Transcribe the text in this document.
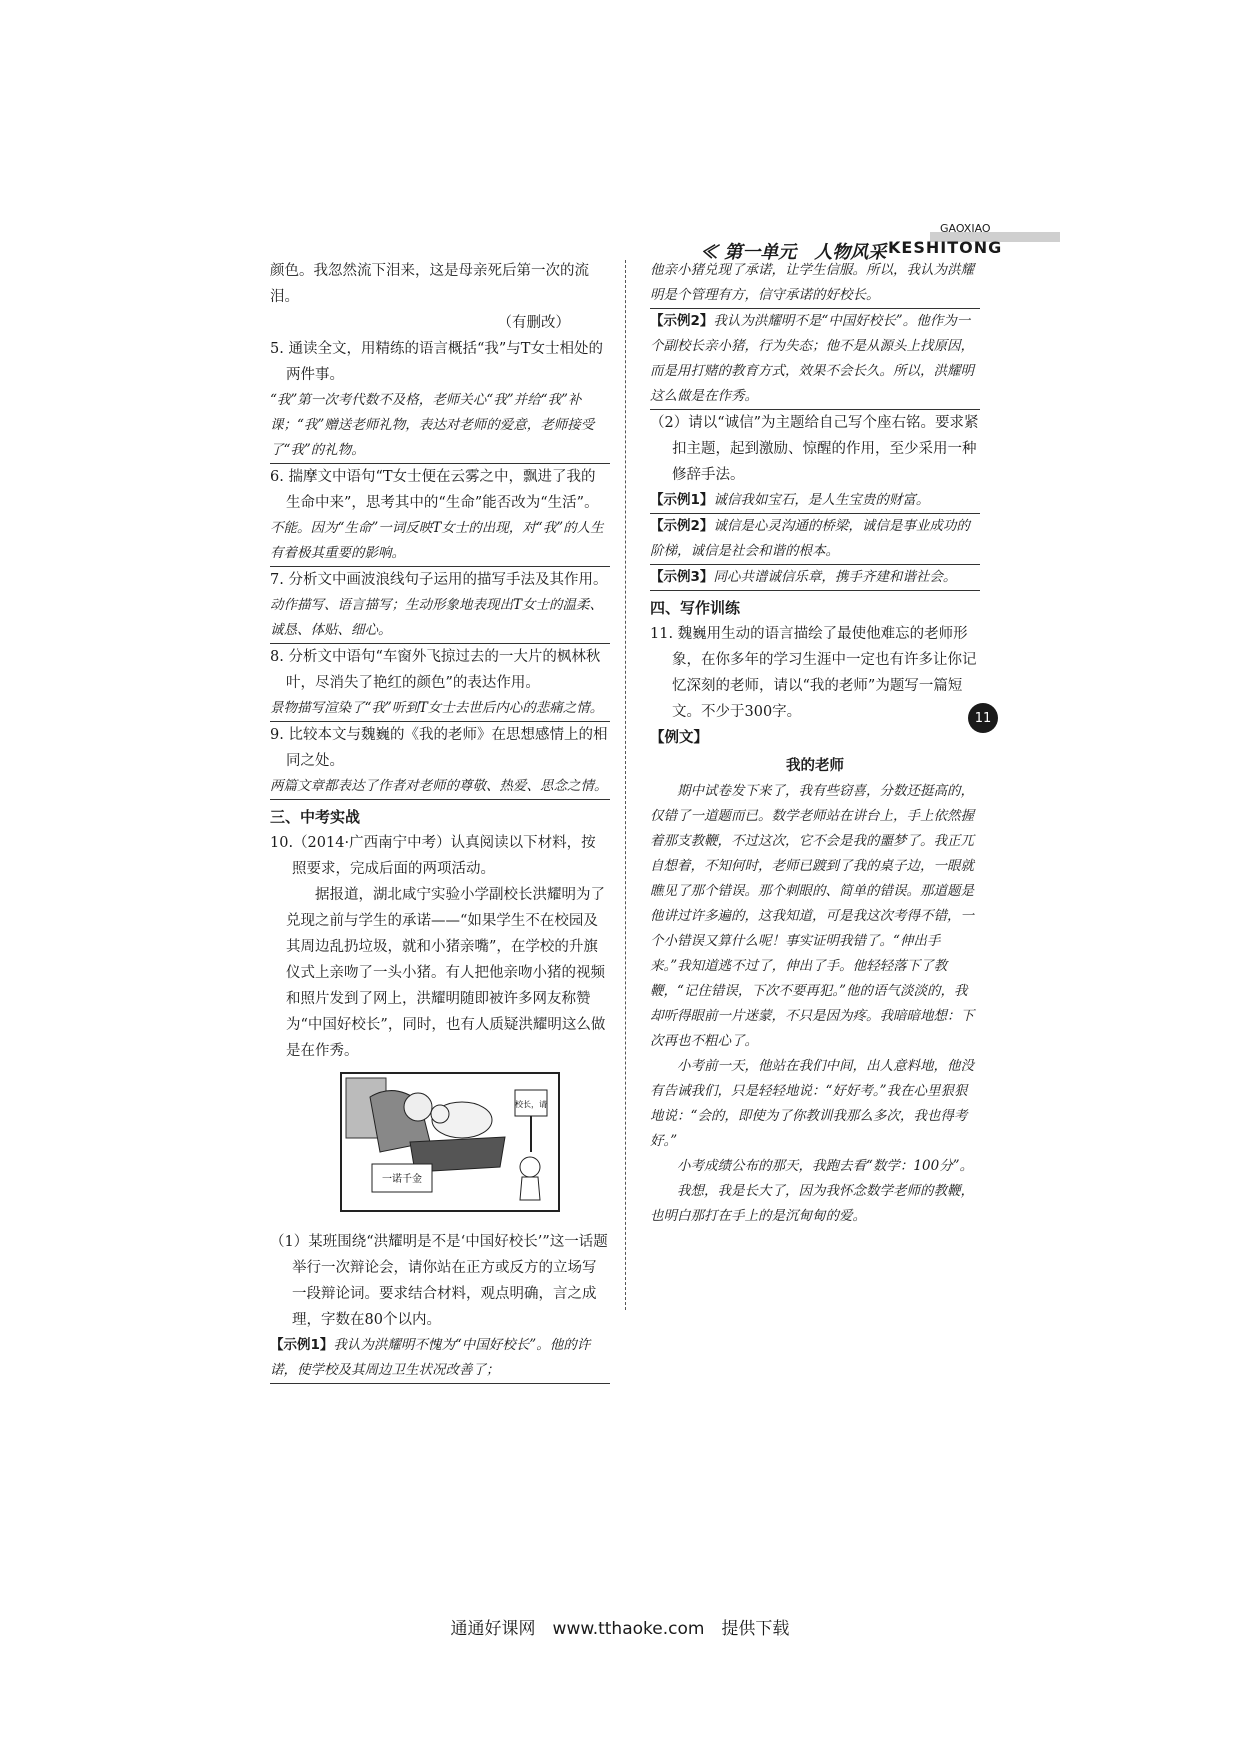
GAOXIAO
≪ 第一单元　人物风采 KESHITONG

颜色。我忽然流下泪来，这是母亲死后第一次的流泪。

（有删改）

5. 通读全文，用精练的语言概括“我”与T女士相处的两件事。

“我”第一次考代数不及格，老师关心“我”并给“我”补课；“我”赠送老师礼物，表达对老师的爱意，老师接受了“我”的礼物。

6. 揣摩文中语句“T女士便在云雾之中，飘进了我的生命中来”，思考其中的“生命”能否改为“生活”。

不能。因为“生命”一词反映T女士的出现，对“我”的人生有着极其重要的影响。

7. 分析文中画波浪线句子运用的描写手法及其作用。

动作描写、语言描写；生动形象地表现出T女士的温柔、诚恳、体贴、细心。

8. 分析文中语句“车窗外飞掠过去的一大片的枫林秋叶，尽消失了艳红的颜色”的表达作用。

景物描写渲染了“我”听到T女士去世后内心的悲痛之情。

9. 比较本文与魏巍的《我的老师》在思想感情上的相同之处。

两篇文章都表达了作者对老师的尊敬、热爱、思念之情。

三、中考实战

10.（2014·广西南宁中考）认真阅读以下材料，按照要求，完成后面的两项活动。

据报道，湖北咸宁实验小学副校长洪耀明为了兑现之前与学生的承诺——“如果学生不在校园及其周边乱扔垃圾，就和小猪亲嘴”，在学校的升旗仪式上亲吻了一头小猪。有人把他亲吻小猪的视频和照片发到了网上，洪耀明随即被许多网友称赞为“中国好校长”，同时，也有人质疑洪耀明这么做是在作秀。

一诺千金
校长，请

（1）某班围绕“洪耀明是不是‘中国好校长’”这一话题举行一次辩论会，请你站在正方或反方的立场写一段辩论词。要求结合材料，观点明确，言之成理，字数在80个以内。

【示例1】我认为洪耀明不愧为“中国好校长”。他的许诺，使学校及其周边卫生状况改善了；

他亲小猪兑现了承诺，让学生信服。所以，我认为洪耀明是个管理有方，信守承诺的好校长。

【示例2】我认为洪耀明不是“中国好校长”。他作为一个副校长亲小猪，行为失态；他不是从源头上找原因，而是用打赌的教育方式，效果不会长久。所以，洪耀明这么做是在作秀。

（2）请以“诚信”为主题给自己写个座右铭。要求紧扣主题，起到激励、惊醒的作用，至少采用一种修辞手法。

【示例1】诚信我如宝石，是人生宝贵的财富。

【示例2】诚信是心灵沟通的桥梁，诚信是事业成功的阶梯，诚信是社会和谐的根本。

【示例3】同心共谱诚信乐章，携手齐建和谐社会。

四、写作训练

11. 魏巍用生动的语言描绘了最使他难忘的老师形象，在你多年的学习生涯中一定也有许多让你记忆深刻的老师，请以“我的老师”为题写一篇短文。不少于300字。

【例文】

我的老师

期中试卷发下来了，我有些窃喜，分数还挺高的，仅错了一道题而已。数学老师站在讲台上，手上依然握着那支教鞭，不过这次，它不会是我的噩梦了。我正兀自想着，不知何时，老师已踱到了我的桌子边，一眼就瞧见了那个错误。那个刺眼的、简单的错误。那道题是他讲过许多遍的，这我知道，可是我这次考得不错，一个小错误又算什么呢！事实证明我错了。“伸出手来。”我知道逃不过了，伸出了手。他轻轻落下了教鞭，“记住错误，下次不要再犯。”他的语气淡淡的，我却听得眼前一片迷蒙，不只是因为疼。我暗暗地想：下次再也不粗心了。

小考前一天，他站在我们中间，出人意料地，他没有告诫我们，只是轻轻地说：“好好考。”我在心里狠狠地说：“会的，即使为了你教训我那么多次，我也得考好。”

小考成绩公布的那天，我跑去看“数学：100分”。

我想，我是长大了，因为我怀念数学老师的教鞭，也明白那打在手上的是沉甸甸的爱。

11
通通好课网　www.tthaoke.com　提供下载
